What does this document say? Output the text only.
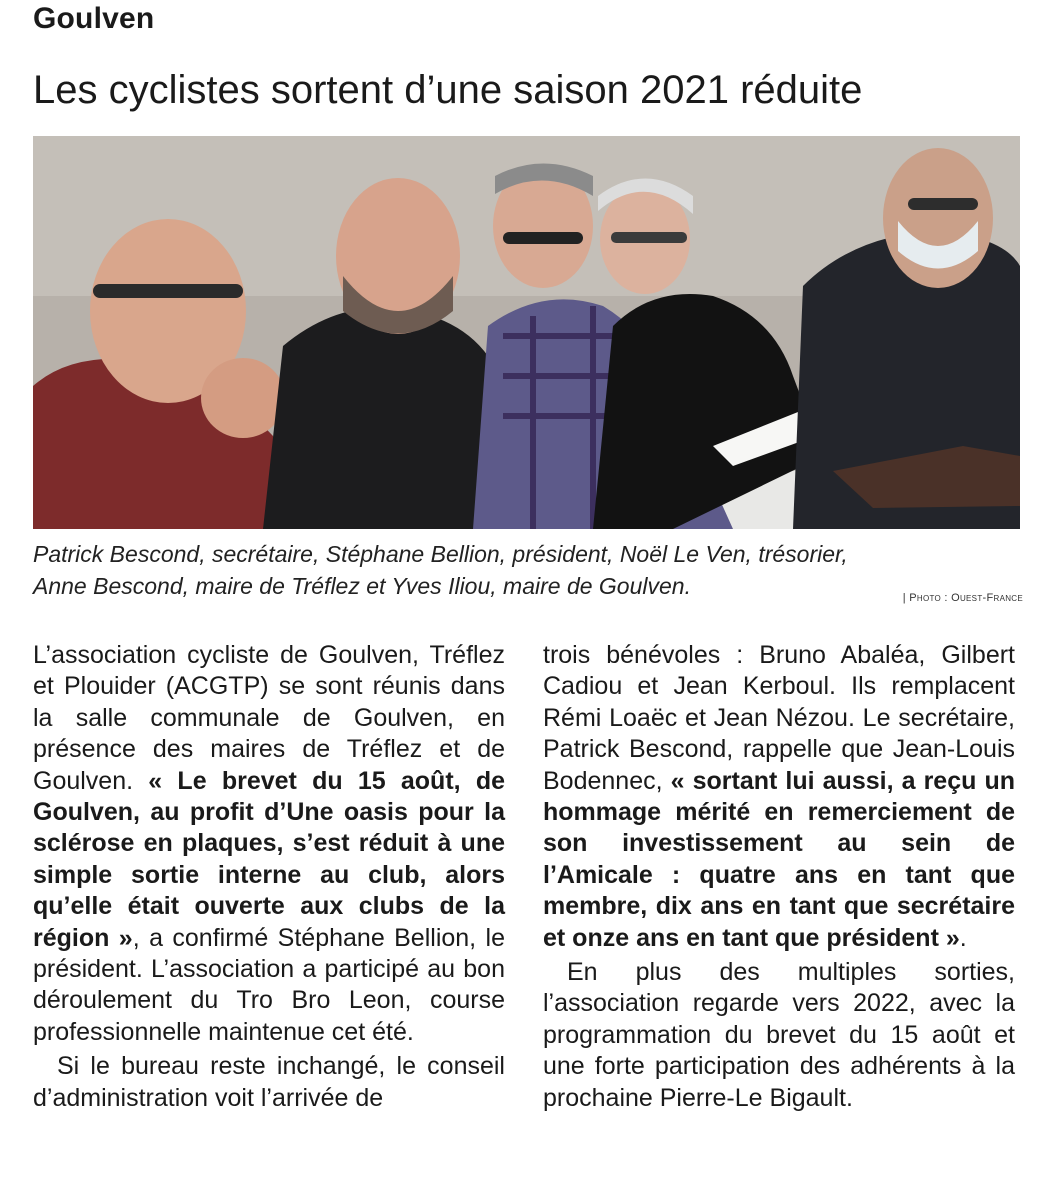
Goulven
Les cyclistes sortent d’une saison 2021 réduite
Patrick Bescond, secrétaire, Stéphane Bellion, président, Noël Le Ven, trésorier,
Anne Bescond, maire de Tréflez et Yves Iliou, maire de Goulven.	| Photo : Ouest-France

L’association cycliste de Goulven, Tréflez et Plouider (ACGTP) se sont réunis dans la salle communale de Goulven, en présence des maires de Tréflez et de Goulven. « Le brevet du 15 août, de Goulven, au profit d’Une oasis pour la sclérose en plaques, s’est réduit à une simple sortie interne au club, alors qu’elle était ouverte aux clubs de la région », a confirmé Stéphane Bellion, le président. L’association a participé au bon déroulement du Tro Bro Leon, course professionnelle maintenue cet été.

Si le bureau reste inchangé, le conseil d’administration voit l’arrivée de

trois bénévoles : Bruno Abaléa, Gilbert Cadiou et Jean Kerboul. Ils remplacent Rémi Loaëc et Jean Nézou. Le secrétaire, Patrick Bescond, rappelle que Jean-Louis Bodennec, « sortant lui aussi, a reçu un hommage mérité en remerciement de son investissement au sein de l’Amicale : quatre ans en tant que membre, dix ans en tant que secrétaire et onze ans en tant que président ».

En plus des multiples sorties, l’association regarde vers 2022, avec la programmation du brevet du 15 août et une forte participation des adhérents à la prochaine Pierre-Le Bigault.
